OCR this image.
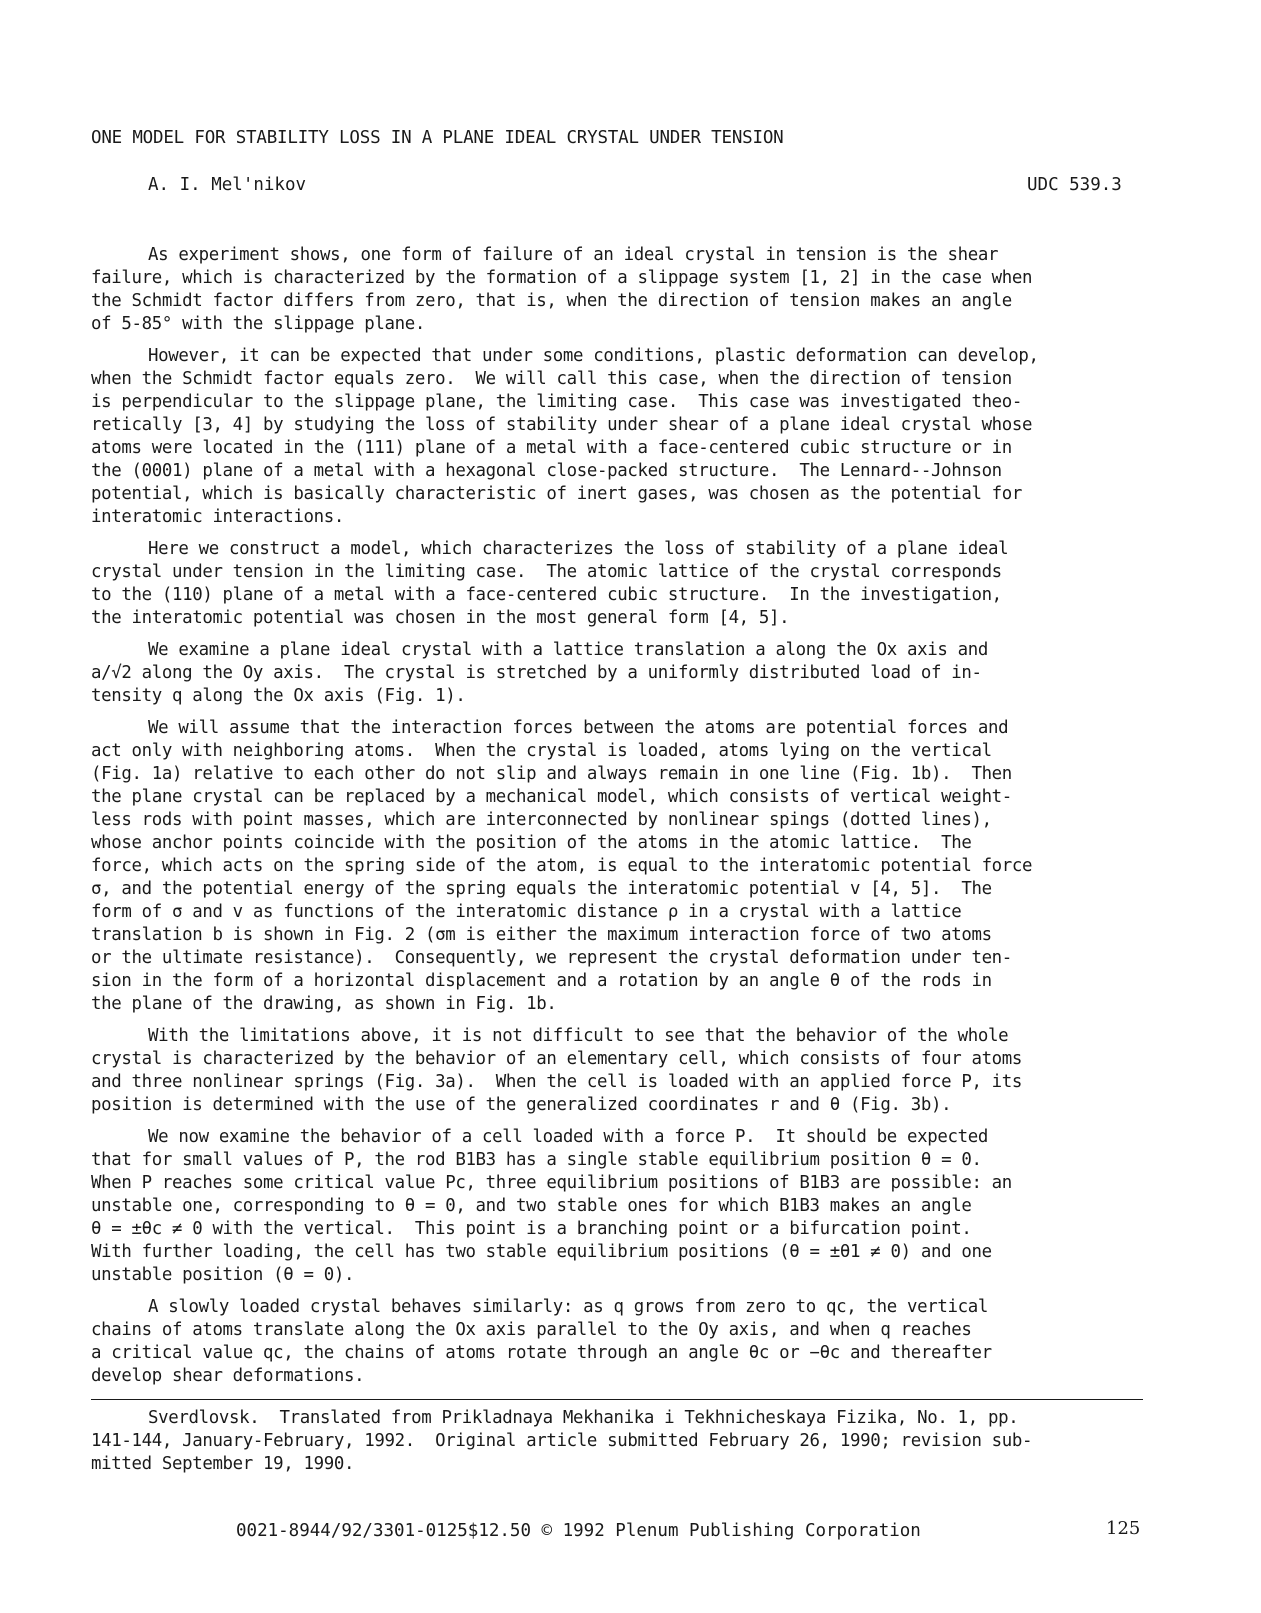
ONE MODEL FOR STABILITY LOSS IN A PLANE IDEAL CRYSTAL UNDER TENSION
A. I. Mel'nikov	UDC 539.3
As experiment shows, one form of failure of an ideal crystal in tension is the shear
failure, which is characterized by the formation of a slippage system [1, 2] in the case when
the Schmidt factor differs from zero, that is, when the direction of tension makes an angle
of 5-85° with the slippage plane.
However, it can be expected that under some conditions, plastic deformation can develop,
when the Schmidt factor equals zero.  We will call this case, when the direction of tension
is perpendicular to the slippage plane, the limiting case.  This case was investigated theo-
retically [3, 4] by studying the loss of stability under shear of a plane ideal crystal whose
atoms were located in the (111) plane of a metal with a face-centered cubic structure or in
the (0001) plane of a metal with a hexagonal close-packed structure.  The Lennard--Johnson
potential, which is basically characteristic of inert gases, was chosen as the potential for
interatomic interactions.
Here we construct a model, which characterizes the loss of stability of a plane ideal
crystal under tension in the limiting case.  The atomic lattice of the crystal corresponds
to the (110) plane of a metal with a face-centered cubic structure.  In the investigation,
the interatomic potential was chosen in the most general form [4, 5].
We examine a plane ideal crystal with a lattice translation a along the Ox axis and
a/√2 along the Oy axis.  The crystal is stretched by a uniformly distributed load of in-
tensity q along the Ox axis (Fig. 1).
We will assume that the interaction forces between the atoms are potential forces and
act only with neighboring atoms.  When the crystal is loaded, atoms lying on the vertical
(Fig. 1a) relative to each other do not slip and always remain in one line (Fig. 1b).  Then
the plane crystal can be replaced by a mechanical model, which consists of vertical weight-
less rods with point masses, which are interconnected by nonlinear spings (dotted lines),
whose anchor points coincide with the position of the atoms in the atomic lattice.  The
force, which acts on the spring side of the atom, is equal to the interatomic potential force
σ, and the potential energy of the spring equals the interatomic potential v [4, 5].  The
form of σ and v as functions of the interatomic distance ρ in a crystal with a lattice
translation b is shown in Fig. 2 (σm is either the maximum interaction force of two atoms
or the ultimate resistance).  Consequently, we represent the crystal deformation under ten-
sion in the form of a horizontal displacement and a rotation by an angle θ of the rods in
the plane of the drawing, as shown in Fig. 1b.
With the limitations above, it is not difficult to see that the behavior of the whole
crystal is characterized by the behavior of an elementary cell, which consists of four atoms
and three nonlinear springs (Fig. 3a).  When the cell is loaded with an applied force P, its
position is determined with the use of the generalized coordinates r and θ (Fig. 3b).
We now examine the behavior of a cell loaded with a force P.  It should be expected
that for small values of P, the rod B1B3 has a single stable equilibrium position θ = 0.
When P reaches some critical value Pc, three equilibrium positions of B1B3 are possible: an
unstable one, corresponding to θ = 0, and two stable ones for which B1B3 makes an angle
θ = ±θc ≠ 0 with the vertical.  This point is a branching point or a bifurcation point.
With further loading, the cell has two stable equilibrium positions (θ = ±θ1 ≠ 0) and one
unstable position (θ = 0).
A slowly loaded crystal behaves similarly: as q grows from zero to qc, the vertical
chains of atoms translate along the Ox axis parallel to the Oy axis, and when q reaches
a critical value qc, the chains of atoms rotate through an angle θc or −θc and thereafter
develop shear deformations.
Sverdlovsk.  Translated from Prikladnaya Mekhanika i Tekhnicheskaya Fizika, No. 1, pp.
141-144, January-February, 1992.  Original article submitted February 26, 1990; revision sub-
mitted September 19, 1990.
0021-8944/92/3301-0125$12.50 © 1992 Plenum Publishing Corporation	125
